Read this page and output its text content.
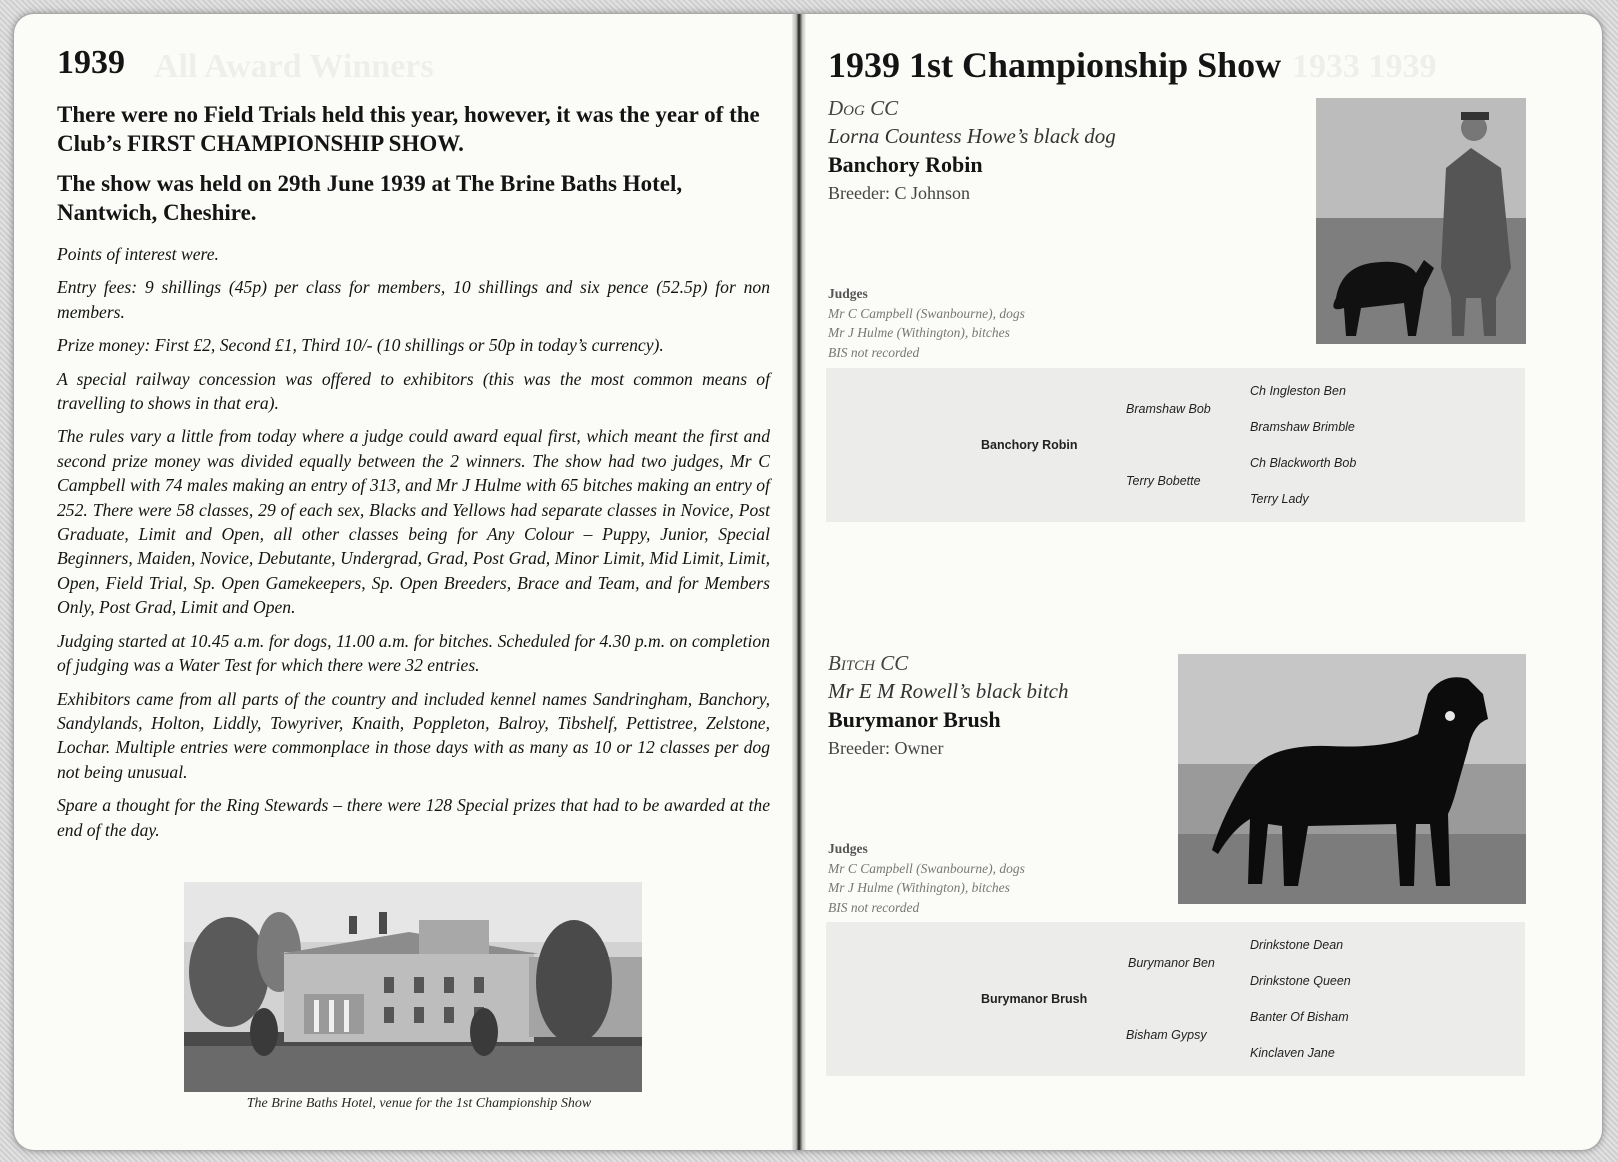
All Award Winners
1939

There were no Field Trials held this year, however, it was the year of the Club’s FIRST CHAMPIONSHIP SHOW.

The show was held on 29th June 1939 at The Brine Baths Hotel, Nantwich, Cheshire.

Points of interest were.

Entry fees: 9 shillings (45p) per class for members, 10 shillings and six pence (52.5p) for non members.

Prize money: First £2, Second £1, Third 10/- (10 shillings or 50p in today’s currency).

A special railway concession was offered to exhibitors (this was the most common means of travelling to shows in that era).

The rules vary a little from today where a judge could award equal first, which meant the first and second prize money was divided equally between the 2 winners. The show had two judges, Mr C Campbell with 74 males making an entry of 313, and Mr J Hulme with 65 bitches making an entry of 252. There were 58 classes, 29 of each sex, Blacks and Yellows had separate classes in Novice, Post Graduate, Limit and Open, all other classes being for Any Colour – Puppy, Junior, Special Beginners, Maiden, Novice, Debutante, Undergrad, Grad, Post Grad, Minor Limit, Mid Limit, Limit, Open, Field Trial, Sp. Open Gamekeepers, Sp. Open Breeders, Brace and Team, and for Members Only, Post Grad, Limit and Open.

Judging started at 10.45 a.m. for dogs, 11.00 a.m. for bitches. Scheduled for 4.30 p.m. on completion of judging was a Water Test for which there were 32 entries.

Exhibitors came from all parts of the country and included kennel names Sandringham, Banchory, Sandylands, Holton, Liddly, Towyriver, Knaith, Poppleton, Balroy, Tibshelf, Pettistree, Zelstone, Lochar. Multiple entries were commonplace in those days with as many as 10 or 12 classes per dog not being unusual.

Spare a thought for the Ring Stewards – there were 128 Special prizes that had to be awarded at the end of the day.

The Brine Baths Hotel, venue for the 1st Championship Show
1933 1939
1939 1st Championship Show
Dog CC
Lorna Countess Howe’s black dog
Banchory Robin
Breeder: C Johnson
Judges
Mr C Campbell (Swanbourne), dogs
Mr J Hulme (Withington), bitches
BIS not recorded
Banchory Robin
Bramshaw Bob
Terry Bobette
Ch Ingleston Ben
Bramshaw Brimble
Ch Blackworth Bob
Terry Lady
Bitch CC
Mr E M Rowell’s black bitch
Burymanor Brush
Breeder: Owner
Judges
Mr C Campbell (Swanbourne), dogs
Mr J Hulme (Withington), bitches
BIS not recorded
Burymanor Brush
Burymanor Ben
Bisham Gypsy
Drinkstone Dean
Drinkstone Queen
Banter Of Bisham
Kinclaven Jane
